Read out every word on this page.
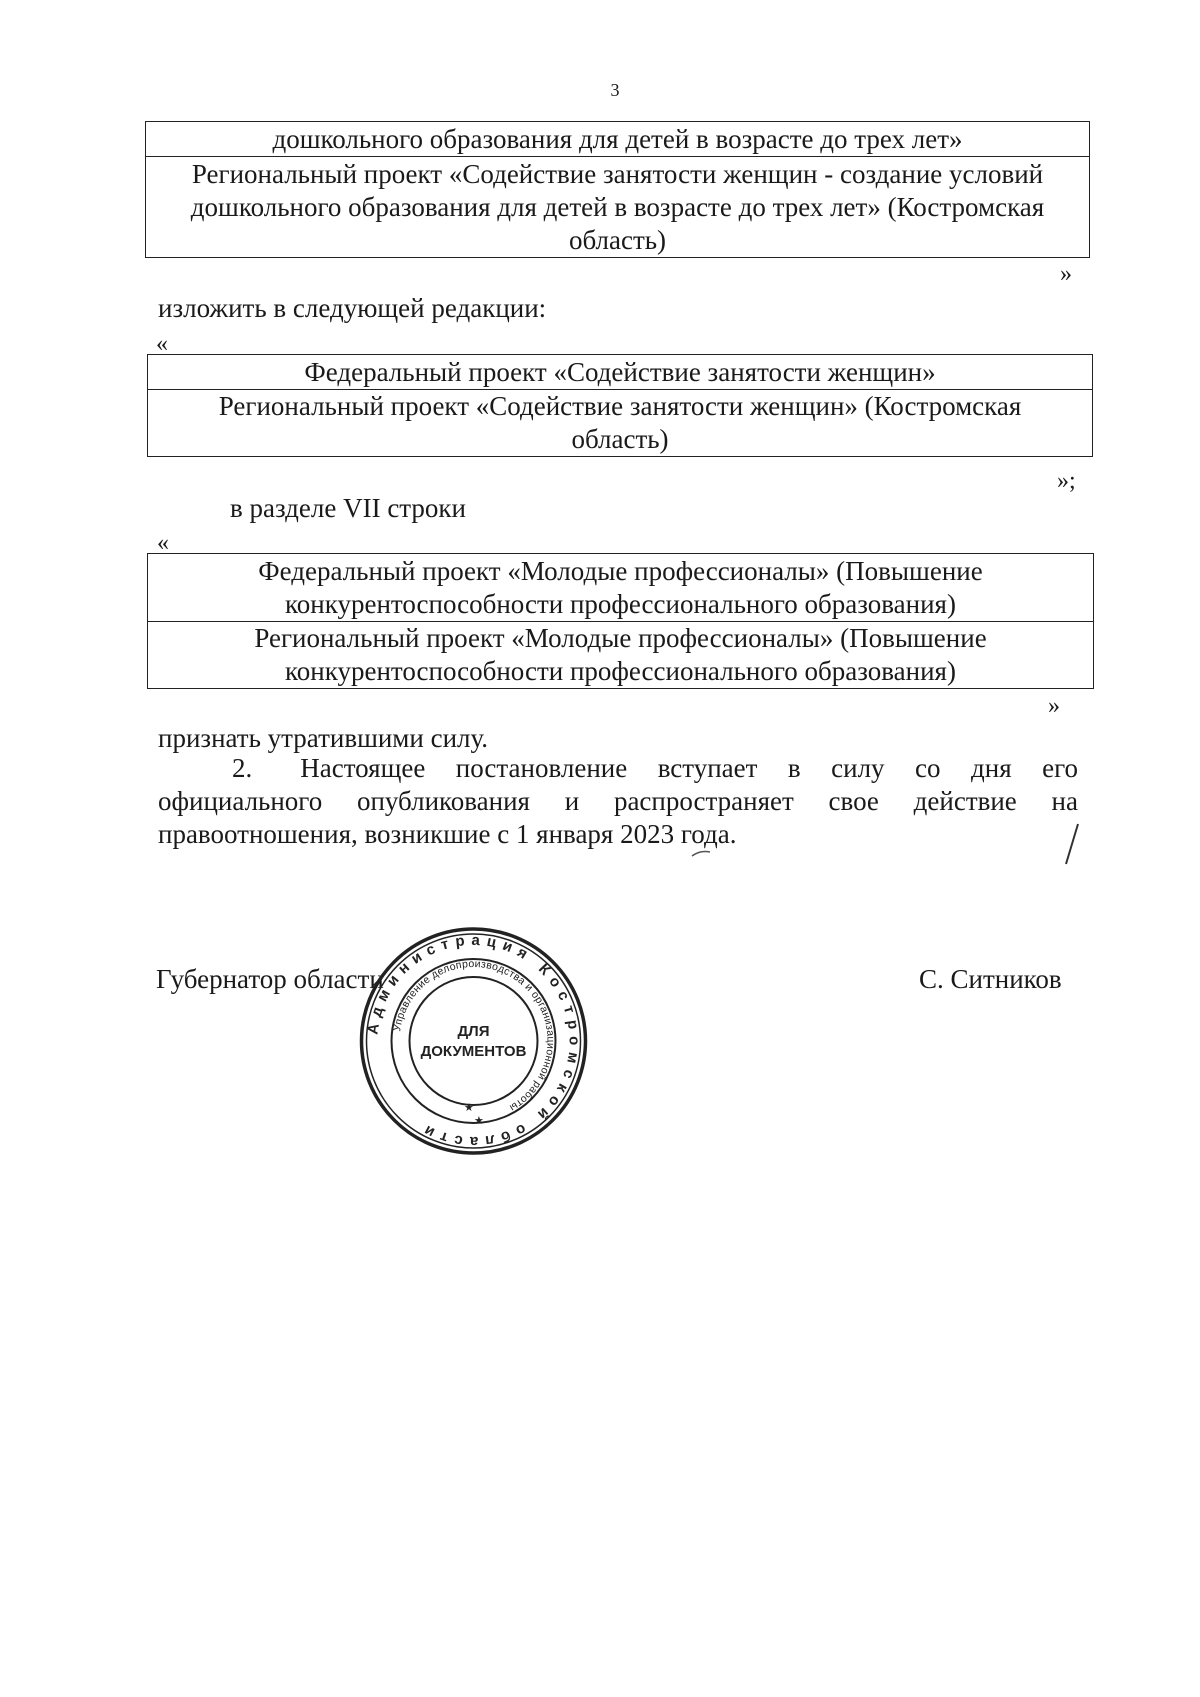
3
дошкольного образования для детей в возрасте до трех лет»
Региональный проект «Содействие занятости женщин - создание условий дошкольного образования для детей в возрасте до трех лет» (Костромская область)
»
изложить в следующей редакции:
«
Федеральный проект «Содействие занятости женщин»
Региональный проект «Содействие занятости женщин» (Костромская область)
»;
в разделе VII строки
«
Федеральный проект «Молодые профессионалы» (Повышение конкурентоспособности профессионального образования)
Региональный проект «Молодые профессионалы» (Повышение конкурентоспособности профессионального образования)
»
признать утратившими силу.
2. Настоящее постановление вступает в силу со дня его
официального опубликования и распространяет свое действие на
правоотношения, возникшие с 1 января 2023 года.
Губернатор области	С. Ситников
Администрация Костромской области
Управление делопроизводства и организационной работы
ДЛЯ
ДОКУМЕНТОВ
★
★
